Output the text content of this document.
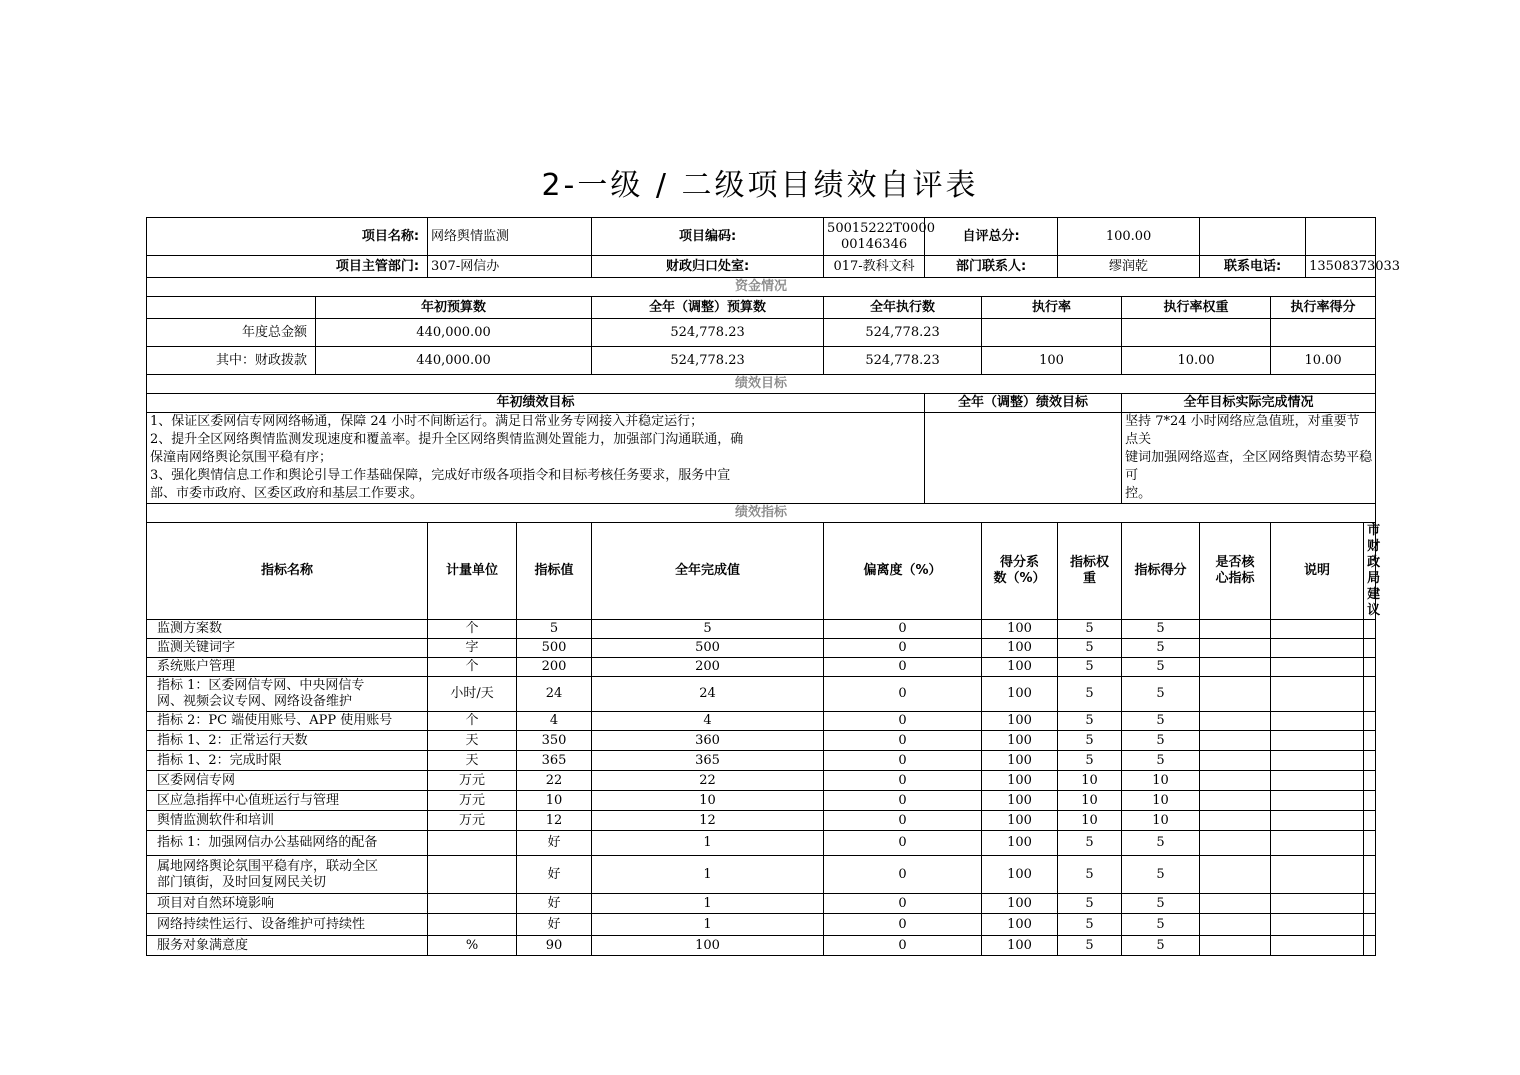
2-一级 / 二级项目绩效自评表
项目名称:		网络舆情监测		项目编码:	50015222T0000
00146346	自评总分:		100.00					
项目主管部门:		307-网信办		财政归口处室:	017-教科文科	部门联系人:		缪润乾		联系电话:		13508373033	
资金情况													
	年初预算数			全年（调整）预算数	全年执行数		执行率		执行率权重		执行率得分		

年度总金额	440,000.00			524,778.23	524,778.23								
其中：财政拨款	440,000.00			524,778.23	524,778.23		100		10.00		10.00		
绩效目标													
年初绩效目标						全年（调整）绩效目标			全年目标实际完成情况				
1、保证区委网信专网网络畅通，保障 24 小时不间断运行。满足日常业务专网接入并稳定运行；
2、提升全区网络舆情监测发现速度和覆盖率。提升全区网络舆情监测处置能力，加强部门沟通联通，确
保潼南网络舆论氛围平稳有序；
3、强化舆情信息工作和舆论引导工作基础保障，完成好市级各项指令和目标考核任务要求，服务中宣
部、市委市政府、区委区政府和基层工作要求。									坚持 7*24 小时网络应急值班，对重要节点关
键词加强网络巡查，全区网络舆情态势平稳可
控。				
绩效指标													
指标名称		计量单位	指标值	全年完成值	偏离度（%）		得分系
数（%）	指标权
重	指标得分	是否核
心指标	说明		市财政
局建议
监测方案数		个	5	5	0		100	5	5				
监测关键词字		字	500	500	0		100	5	5				
系统账户管理		个	200	200	0		100	5	5				
指标 1：区委网信专网、中央网信专
网、视频会议专网、网络设备维护		小时/天	24	24	0		100	5	5				
指标 2：PC 端使用账号、APP 使用账号		个	4	4	0		100	5	5				
指标 1、2：正常运行天数		天	350	360	0		100	5	5				
指标 1、2：完成时限		天	365	365	0		100	5	5				
区委网信专网		万元	22	22	0		100	10	10				
区应急指挥中心值班运行与管理		万元	10	10	0		100	10	10				
舆情监测软件和培训		万元	12	12	0		100	10	10				
指标 1：加强网信办公基础网络的配备			好	1	0		100	5	5				
属地网络舆论氛围平稳有序，联动全区
部门镇街，及时回复网民关切			好	1	0		100	5	5				
项目对自然环境影响			好	1	0		100	5	5				
网络持续性运行、设备维护可持续性			好	1	0		100	5	5				
服务对象满意度		%	90	100	0		100	5	5				
